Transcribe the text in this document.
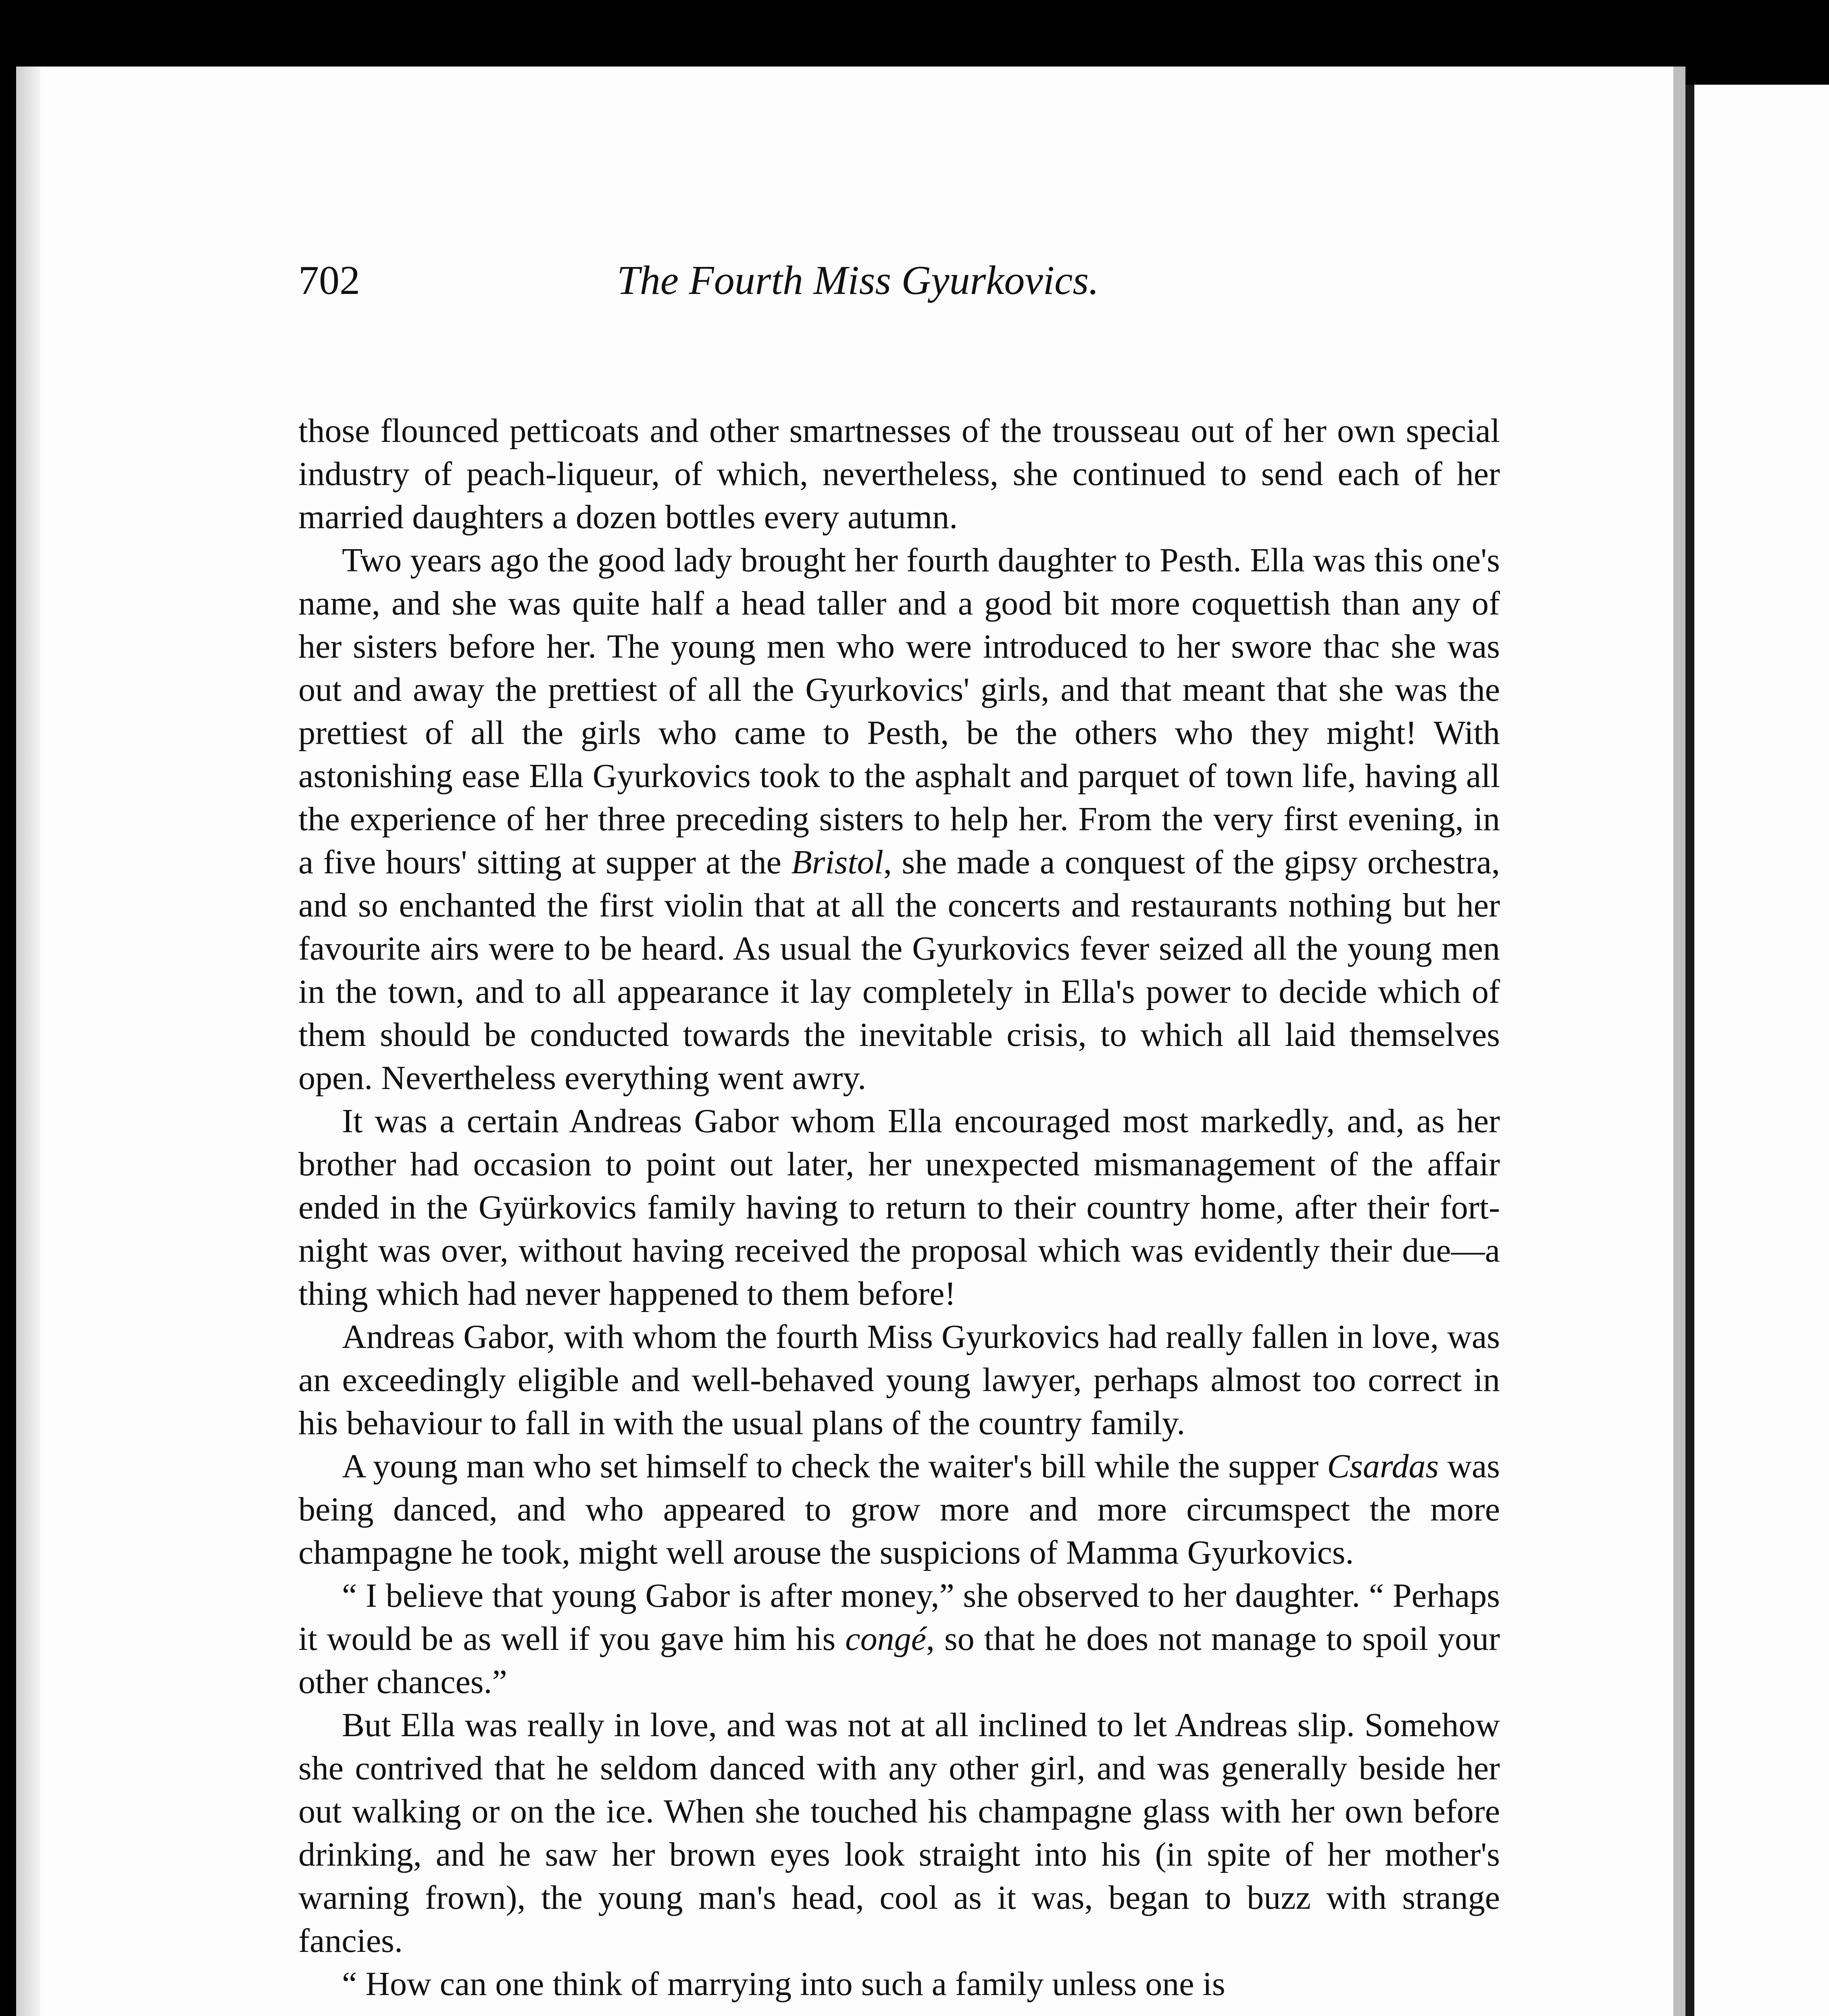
702	The Fourth Miss Gyurkovics.

those flounced petticoats and other smartnesses of the trousseau out of her own special industry of peach-liqueur, of which, nevertheless, she continued to send each of her married daughters a dozen bottles every autumn.

Two years ago the good lady brought her fourth daughter to Pesth. Ella was this one's name, and she was quite half a head taller and a good bit more coquettish than any of her sisters before her. The young men who were introduced to her swore thac she was out and away the prettiest of all the Gyurkovics' girls, and that meant that she was the prettiest of all the girls who came to Pesth, be the others who they might! With astonishing ease Ella Gyurkovics took to the asphalt and parquet of town life, having all the experience of her three preceding sisters to help her. From the very first evening, in a five hours' sitting at supper at the Bristol, she made a conquest of the gipsy orchestra, and so enchanted the first violin that at all the concerts and restaurants nothing but her favourite airs were to be heard. As usual the Gyurkovics fever seized all the young men in the town, and to all appearance it lay completely in Ella's power to decide which of them should be conducted towards the inevitable crisis, to which all laid themselves open. Nevertheless everything went awry.

It was a certain Andreas Gabor whom Ella encouraged most markedly, and, as her brother had occasion to point out later, her unexpected mismanagement of the affair ended in the Gyürkovics family having to return to their country home, after their fort-night was over, without having received the proposal which was evidently their due—a thing which had never happened to them before!

Andreas Gabor, with whom the fourth Miss Gyurkovics had really fallen in love, was an exceedingly eligible and well-behaved young lawyer, perhaps almost too correct in his behaviour to fall in with the usual plans of the country family.

A young man who set himself to check the waiter's bill while the supper Csardas was being danced, and who appeared to grow more and more circumspect the more champagne he took, might well arouse the suspicions of Mamma Gyurkovics.

“ I believe that young Gabor is after money,” she observed to her daughter. “ Perhaps it would be as well if you gave him his congé, so that he does not manage to spoil your other chances.”

But Ella was really in love, and was not at all inclined to let Andreas slip. Somehow she contrived that he seldom danced with any other girl, and was generally beside her out walking or on the ice. When she touched his champagne glass with her own before drinking, and he saw her brown eyes look straight into his (in spite of her mother's warning frown), the young man's head, cool as it was, began to buzz with strange fancies.

“ How can one think of marrying into such a family unless one is
